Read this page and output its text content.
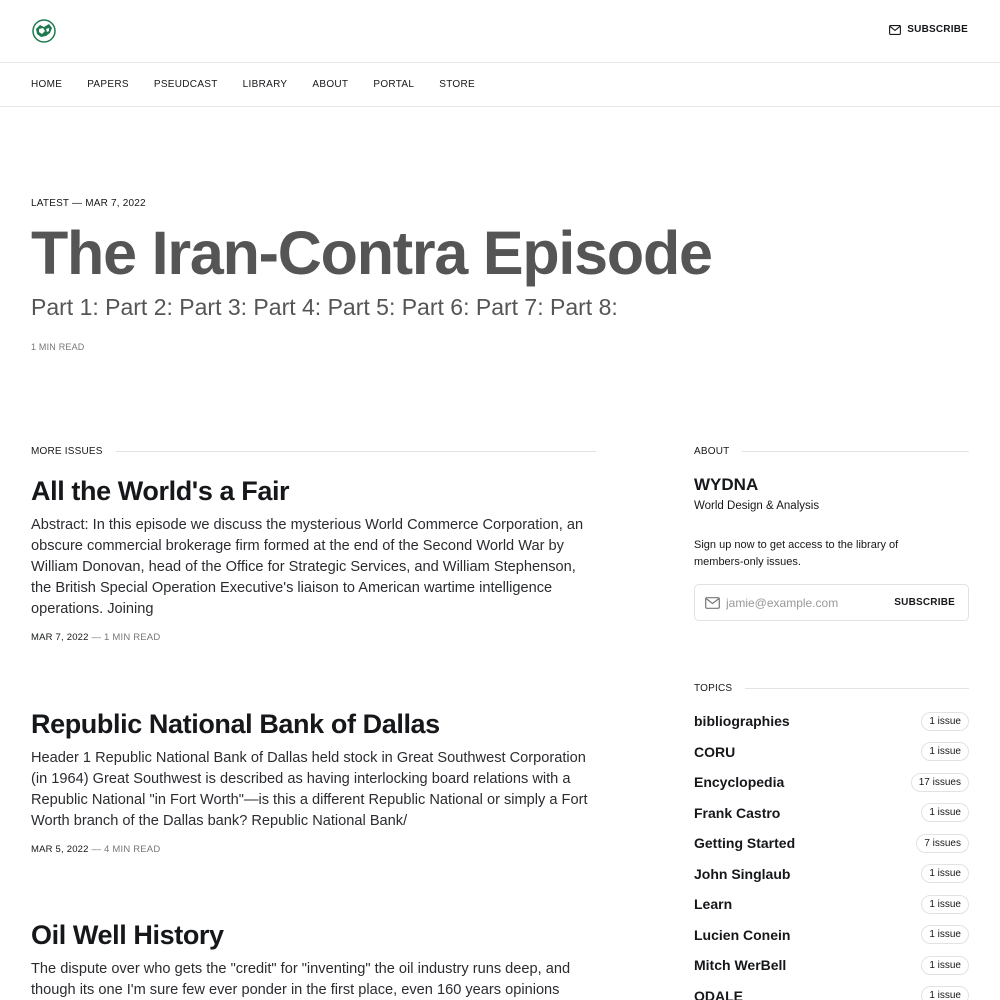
SUBSCRIBE
HOME	PAPERS	PSEUDCAST	LIBRARY	ABOUT	PORTAL	STORE
LATEST — MAR 7, 2022
The Iran-Contra Episode
Part 1: Part 2: Part 3: Part 4: Part 5: Part 6: Part 7: Part 8:
1 MIN READ
MORE ISSUES
All the World's a Fair

Abstract: In this episode we discuss the mysterious World Commerce Corporation, an obscure commercial brokerage firm formed at the end of the Second World War by William Donovan, head of the Office for Strategic Services, and William Stephenson, the British Special Operation Executive's liaison to American wartime intelligence operations. Joining

MAR 7, 2022 — 1 MIN READ
Republic National Bank of Dallas

Header 1 Republic National Bank of Dallas held stock in Great Southwest Corporation (in 1964) Great Southwest is described as having interlocking board relations with a Republic National "in Fort Worth"—is this a different Republic National or simply a Fort Worth branch of the Dallas bank? Republic National Bank/

MAR 5, 2022 — 4 MIN READ
Oil Well History

The dispute over who gets the "credit" for "inventing" the oil industry runs deep, and though its one I'm sure few ever ponder in the first place, even 160 years opinions

ABOUT
WYDNA
World Design & Analysis
Sign up now to get access to the library of members-only issues.
jamie@example.com
SUBSCRIBE
TOPICS
bibliographies	1 issue
CORU	1 issue
Encyclopedia	17 issues
Frank Castro	1 issue
Getting Started	7 issues
John Singlaub	1 issue
Learn	1 issue
Lucien Conein	1 issue
Mitch WerBell	1 issue
ODALE	1 issue
